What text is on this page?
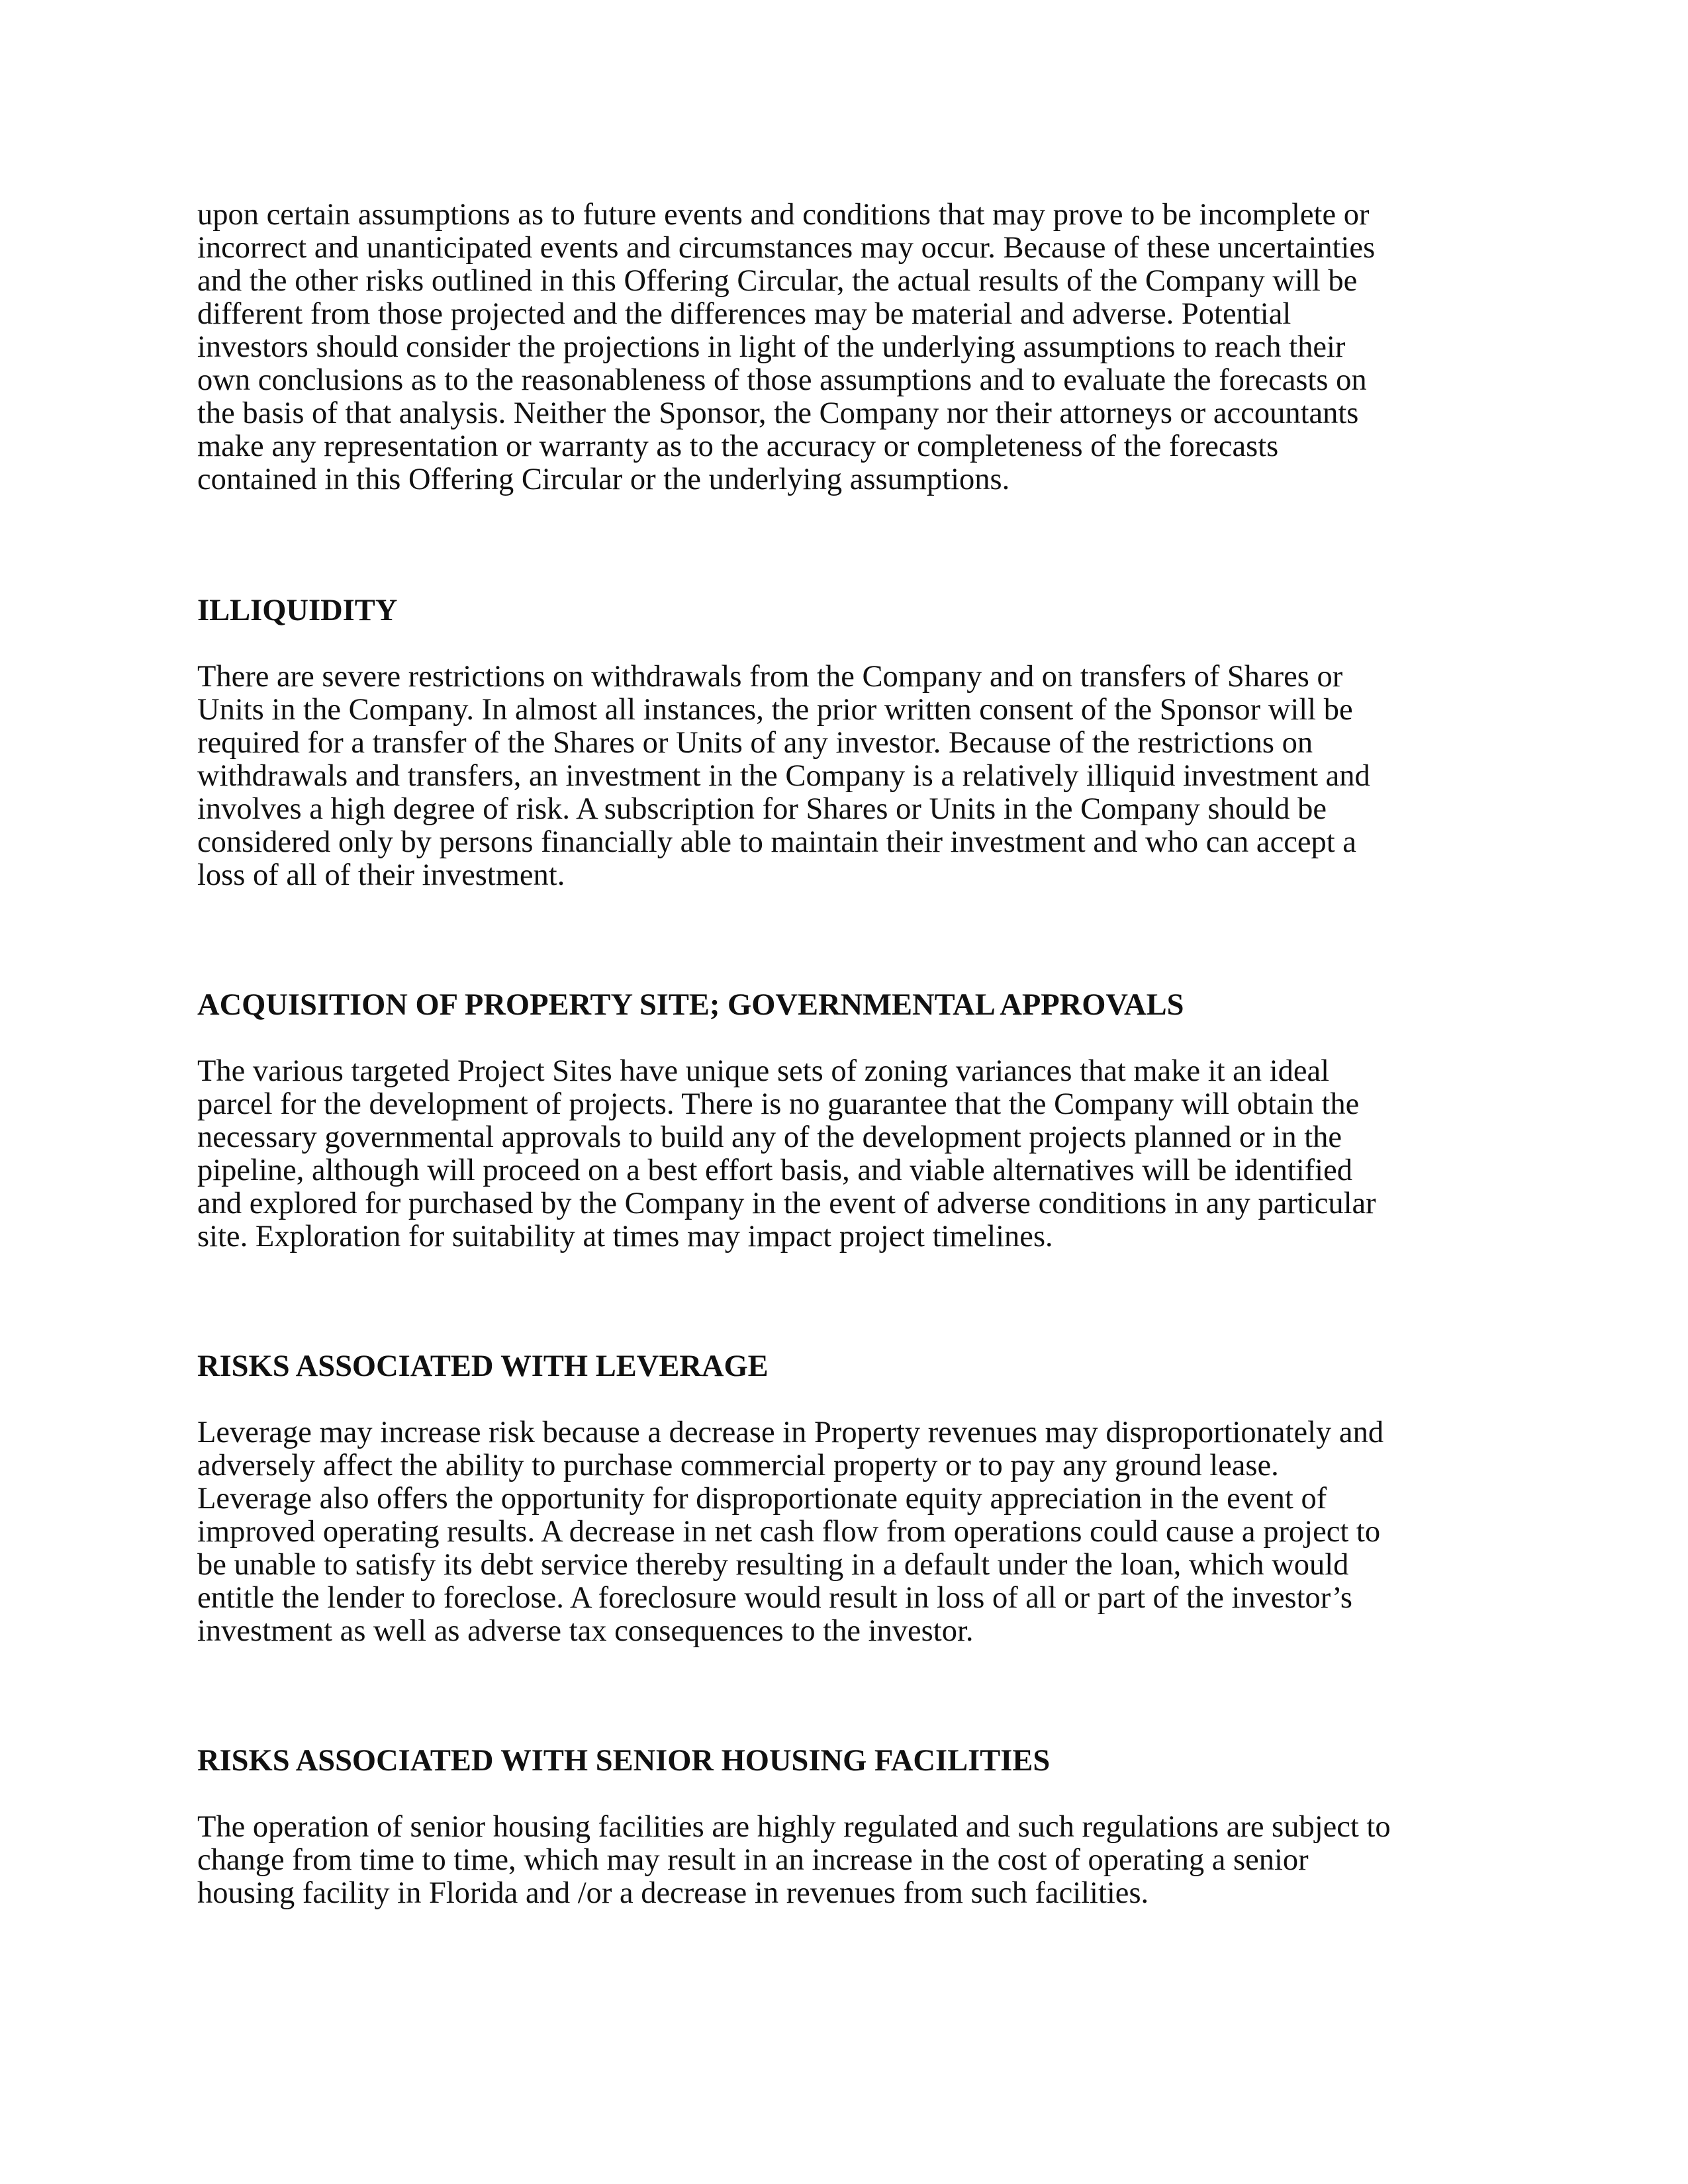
upon certain assumptions as to future events and conditions that may prove to be incomplete or
incorrect and unanticipated events and circumstances may occur. Because of these uncertainties
and the other risks outlined in this Offering Circular, the actual results of the Company will be
different from those projected and the differences may be material and adverse. Potential
investors should consider the projections in light of the underlying assumptions to reach their
own conclusions as to the reasonableness of those assumptions and to evaluate the forecasts on
the basis of that analysis. Neither the Sponsor, the Company nor their attorneys or accountants
make any representation or warranty as to the accuracy or completeness of the forecasts
contained in this Offering Circular or the underlying assumptions.
ILLIQUIDITY
There are severe restrictions on withdrawals from the Company and on transfers of Shares or
Units in the Company. In almost all instances, the prior written consent of the Sponsor will be
required for a transfer of the Shares or Units of any investor. Because of the restrictions on
withdrawals and transfers, an investment in the Company is a relatively illiquid investment and
involves a high degree of risk. A subscription for Shares or Units in the Company should be
considered only by persons financially able to maintain their investment and who can accept a
loss of all of their investment.
ACQUISITION OF PROPERTY SITE; GOVERNMENTAL APPROVALS
The various targeted Project Sites have unique sets of zoning variances that make it an ideal
parcel for the development of projects. There is no guarantee that the Company will obtain the
necessary governmental approvals to build any of the development projects planned or in the
pipeline, although will proceed on a best effort basis, and viable alternatives will be identified
and explored for purchased by the Company in the event of adverse conditions in any particular
site. Exploration for suitability at times may impact project timelines.
RISKS ASSOCIATED WITH LEVERAGE
Leverage may increase risk because a decrease in Property revenues may disproportionately and
adversely affect the ability to purchase commercial property or to pay any ground lease.
Leverage also offers the opportunity for disproportionate equity appreciation in the event of
improved operating results. A decrease in net cash flow from operations could cause a project to
be unable to satisfy its debt service thereby resulting in a default under the loan, which would
entitle the lender to foreclose. A foreclosure would result in loss of all or part of the investor’s
investment as well as adverse tax consequences to the investor.
RISKS ASSOCIATED WITH SENIOR HOUSING FACILITIES
The operation of senior housing facilities are highly regulated and such regulations are subject to
change from time to time, which may result in an increase in the cost of operating a senior
housing facility in Florida and /or a decrease in revenues from such facilities.
